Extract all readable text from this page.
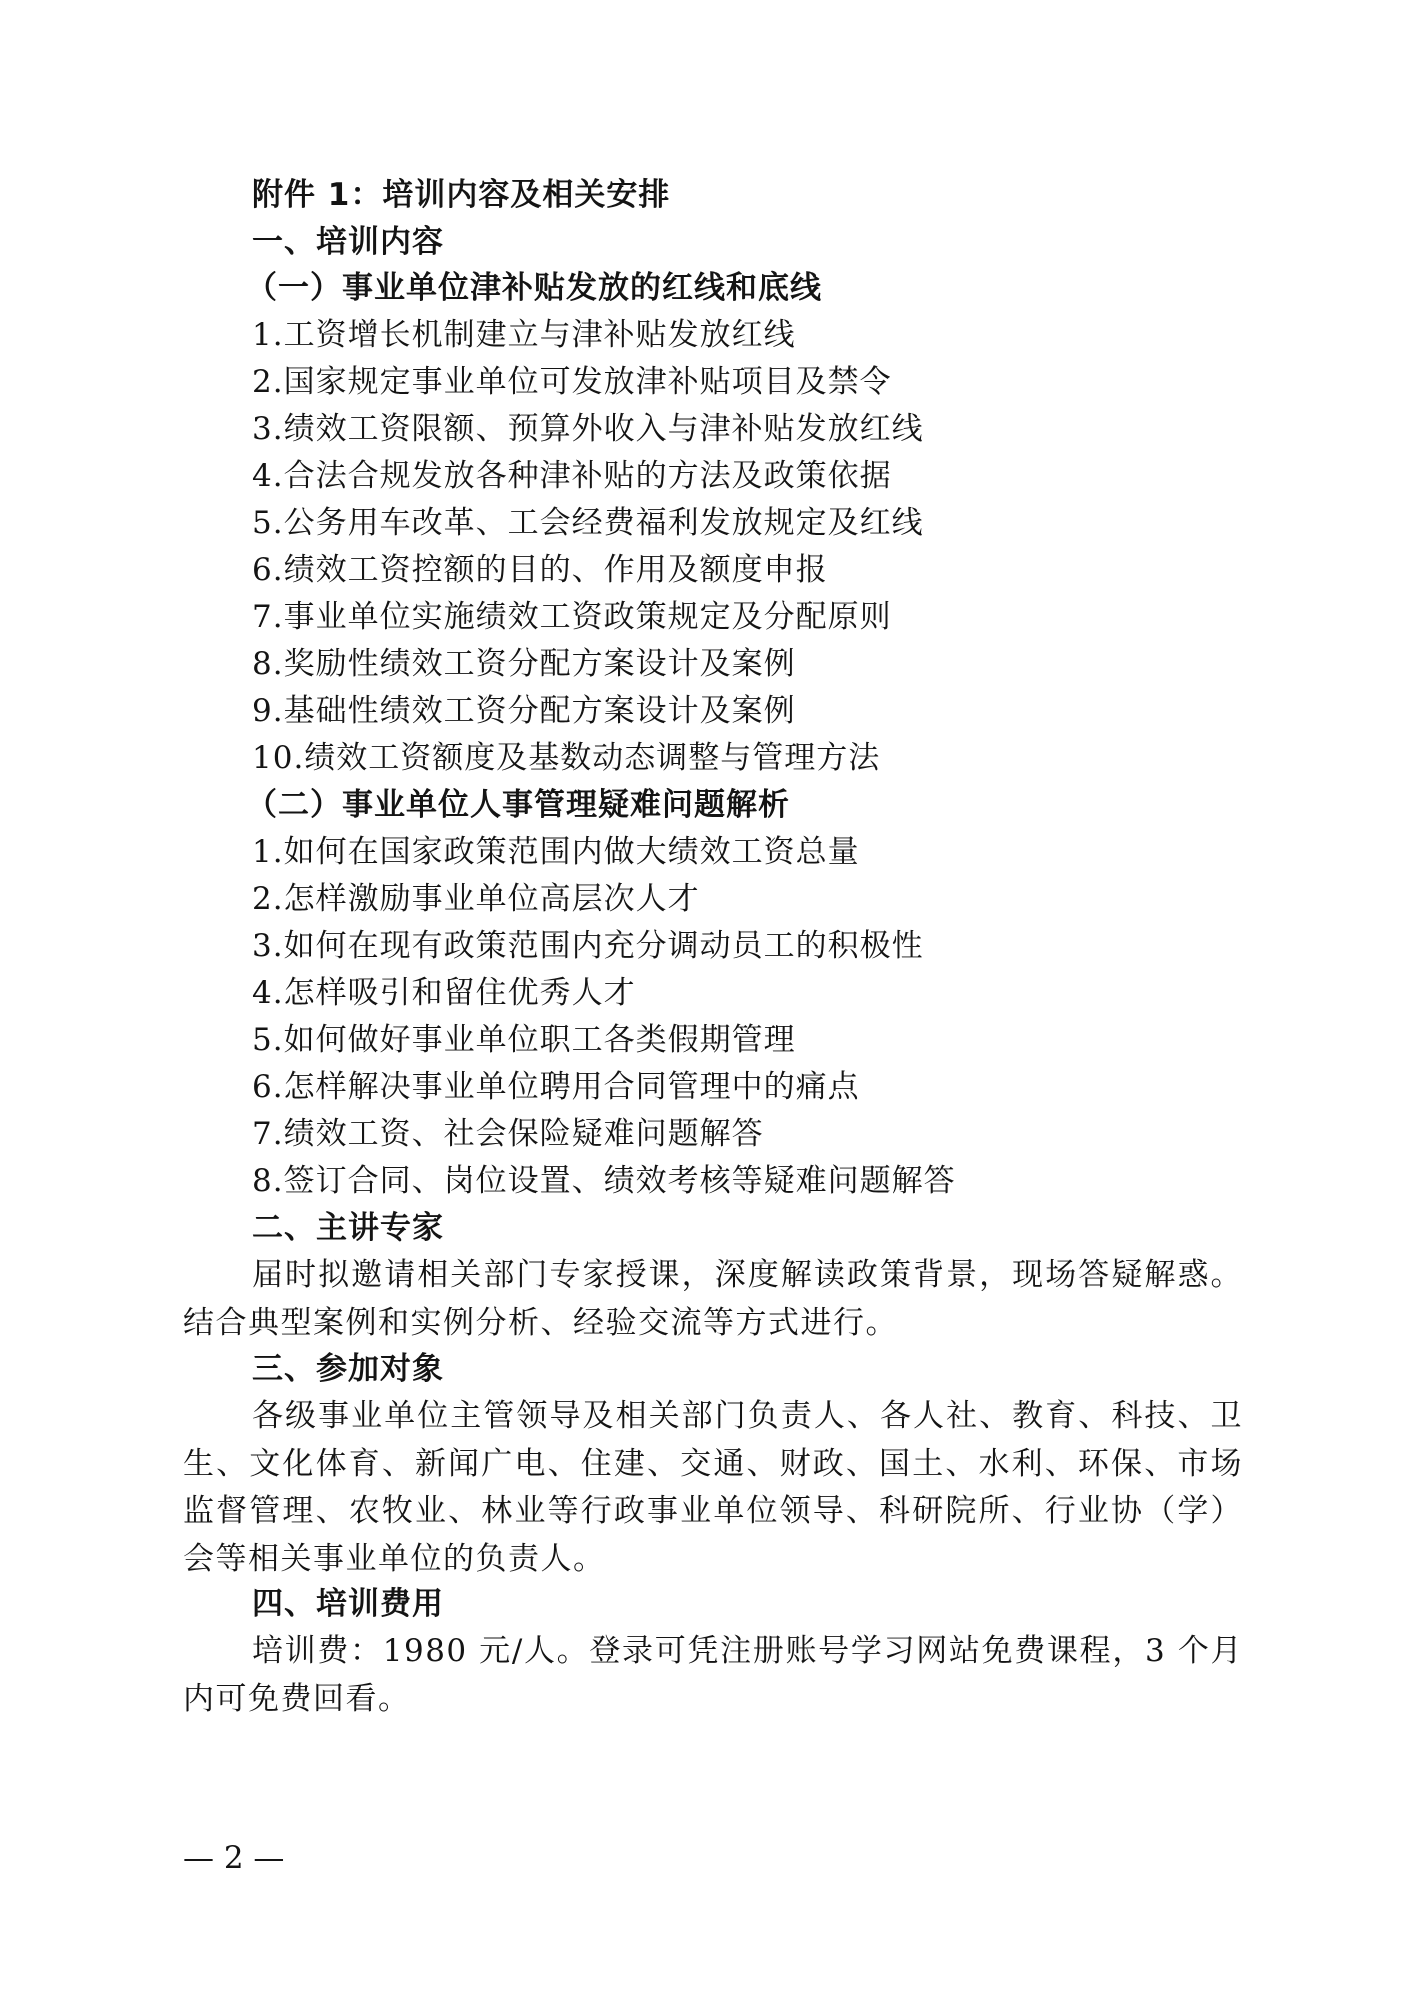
附件 1：培训内容及相关安排
一、培训内容
（一）事业单位津补贴发放的红线和底线
1.工资增长机制建立与津补贴发放红线
2.国家规定事业单位可发放津补贴项目及禁令
3.绩效工资限额、预算外收入与津补贴发放红线
4.合法合规发放各种津补贴的方法及政策依据
5.公务用车改革、工会经费福利发放规定及红线
6.绩效工资控额的目的、作用及额度申报
7.事业单位实施绩效工资政策规定及分配原则
8.奖励性绩效工资分配方案设计及案例
9.基础性绩效工资分配方案设计及案例
10.绩效工资额度及基数动态调整与管理方法
（二）事业单位人事管理疑难问题解析
1.如何在国家政策范围内做大绩效工资总量
2.怎样激励事业单位高层次人才
3.如何在现有政策范围内充分调动员工的积极性
4.怎样吸引和留住优秀人才
5.如何做好事业单位职工各类假期管理
6.怎样解决事业单位聘用合同管理中的痛点
7.绩效工资、社会保险疑难问题解答
8.签订合同、岗位设置、绩效考核等疑难问题解答
二、主讲专家
届时拟邀请相关部门专家授课，深度解读政策背景，现场答疑解惑。结合典型案例和实例分析、经验交流等方式进行。
三、参加对象
各级事业单位主管领导及相关部门负责人、各人社、教育、科技、卫生、文化体育、新闻广电、住建、交通、财政、国土、水利、环保、市场监督管理、农牧业、林业等行政事业单位领导、科研院所、行业协（学）会等相关事业单位的负责人。
四、培训费用
培训费：1980 元/人。登录可凭注册账号学习网站免费课程，3 个月内可免费回看。
— 2 —
